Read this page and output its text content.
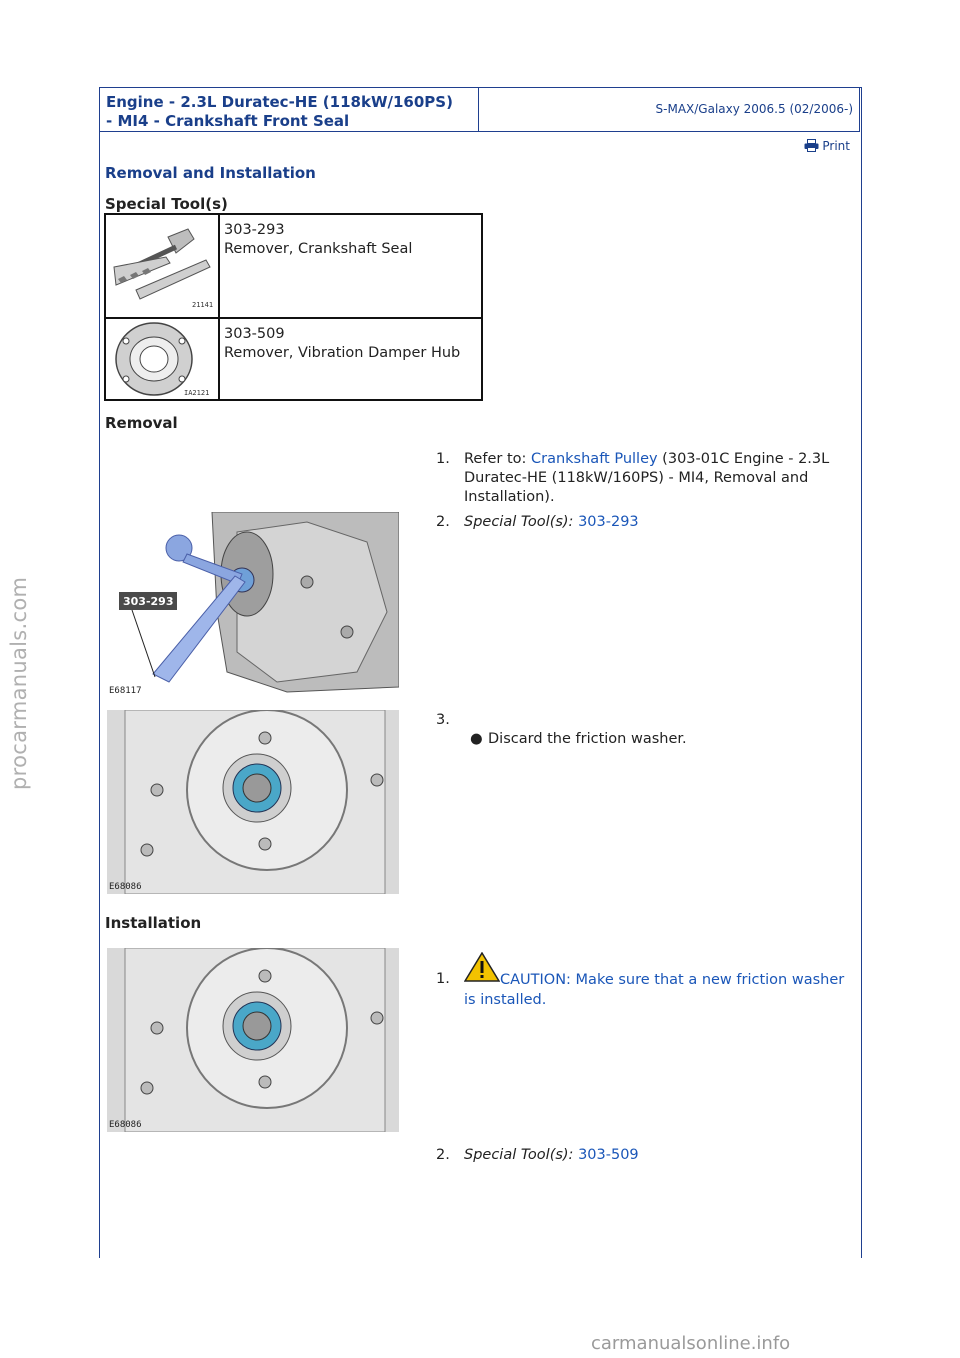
Engine - 2.3L Duratec-HE (118kW/160PS)
- MI4 - Crankshaft Front Seal
S-MAX/Galaxy 2006.5 (02/2006-)
Print
Removal and Installation
Special Tool(s)
21141
303-293
Remover, Crankshaft Seal
IA2121
303-509
Remover, Vibration Damper Hub
Removal
1. Refer to: Crankshaft Pulley (303-01C Engine - 2.3L Duratec-HE (118kW/160PS) - MI4, Removal and Installation).
303-293
E68117
2. Special Tool(s): 303-293
E68086
3.
● Discard the friction washer.
Installation
E68086
1.	CAUTION: Make sure that a new friction washer is installed.
2. Special Tool(s): 303-509
procarmanuals.com
carmanualsonline.info
